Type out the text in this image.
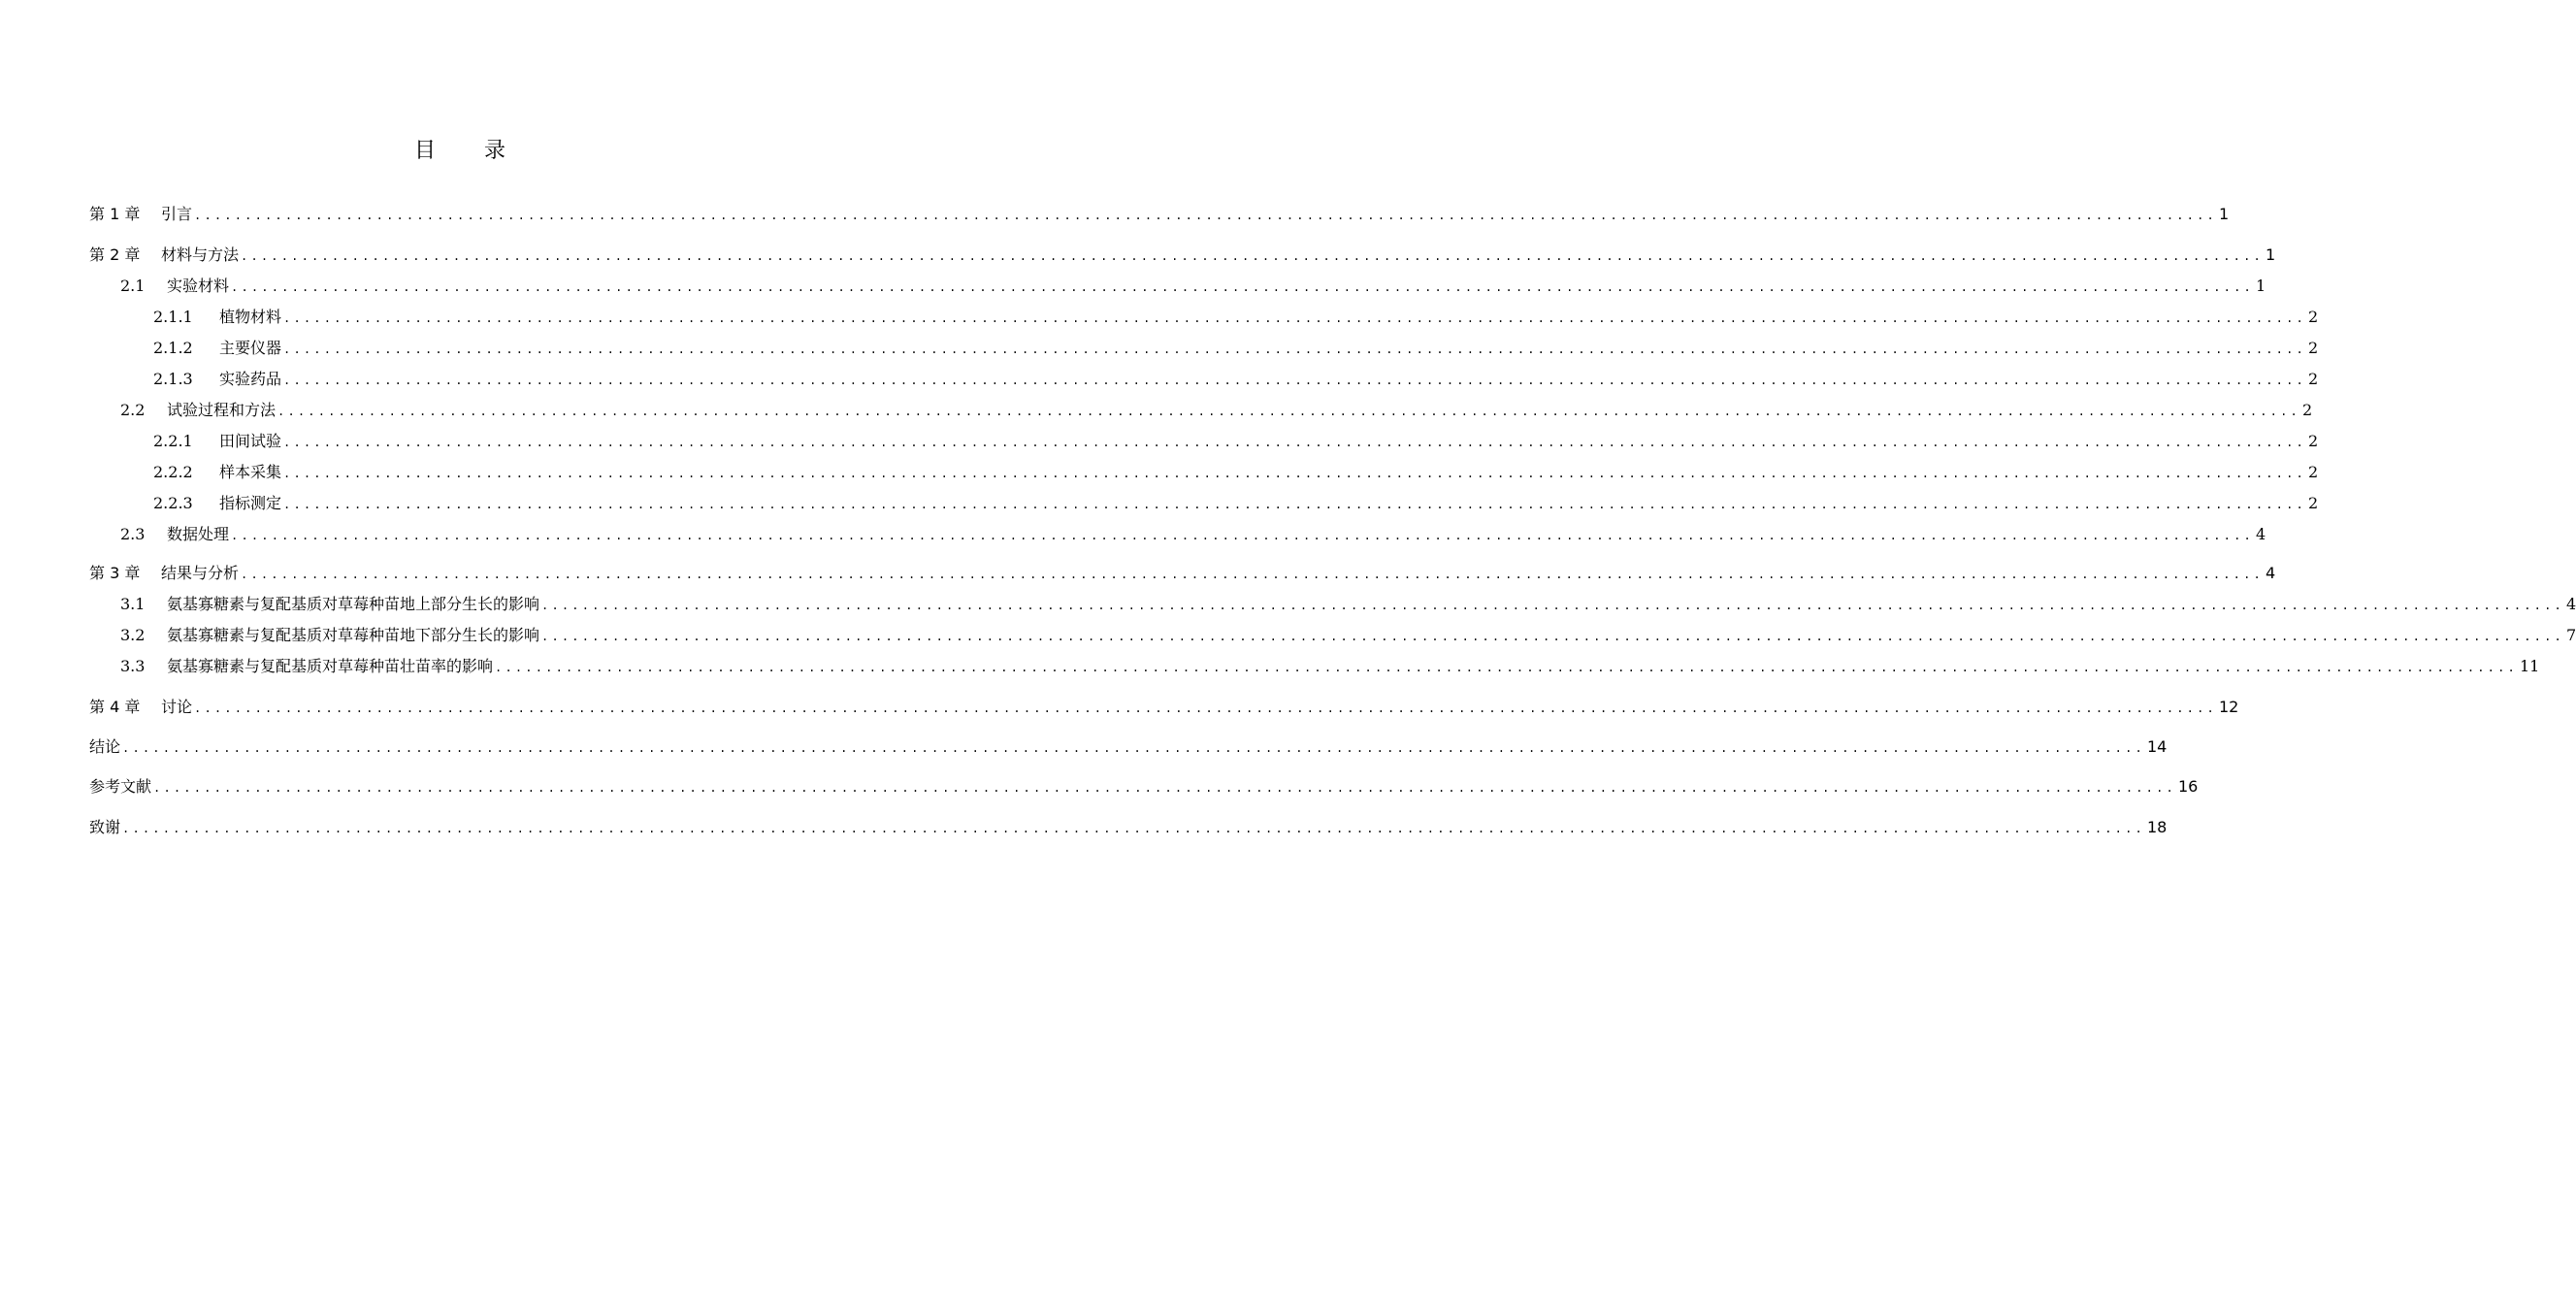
目 录
第 1 章	引言 ........................................................................................................................................................................................................ 1
第 2 章	材料与方法 ........................................................................................................................................................................................................ 1
2.1	实验材料 ........................................................................................................................................................................................................ 1
2.1.1	植物材料 ........................................................................................................................................................................................................ 2
2.1.2	主要仪器 ........................................................................................................................................................................................................ 2
2.1.3	实验药品 ........................................................................................................................................................................................................ 2
2.2	试验过程和方法 ........................................................................................................................................................................................................ 2
2.2.1	田间试验 ........................................................................................................................................................................................................ 2
2.2.2	样本采集 ........................................................................................................................................................................................................ 2
2.2.3	指标测定 ........................................................................................................................................................................................................ 2
2.3	数据处理 ........................................................................................................................................................................................................ 4
第 3 章	结果与分析 ........................................................................................................................................................................................................ 4
3.1	氨基寡糖素与复配基质对草莓种苗地上部分生长的影响 ........................................................................................................................................................................................................ 4
3.2	氨基寡糖素与复配基质对草莓种苗地下部分生长的影响 ........................................................................................................................................................................................................ 7
3.3	氨基寡糖素与复配基质对草莓种苗壮苗率的影响 ........................................................................................................................................................................................................ 11
第 4 章	讨论 ........................................................................................................................................................................................................ 12
结论 ........................................................................................................................................................................................................ 14
参考文献 ........................................................................................................................................................................................................ 16
致谢 ........................................................................................................................................................................................................ 18
